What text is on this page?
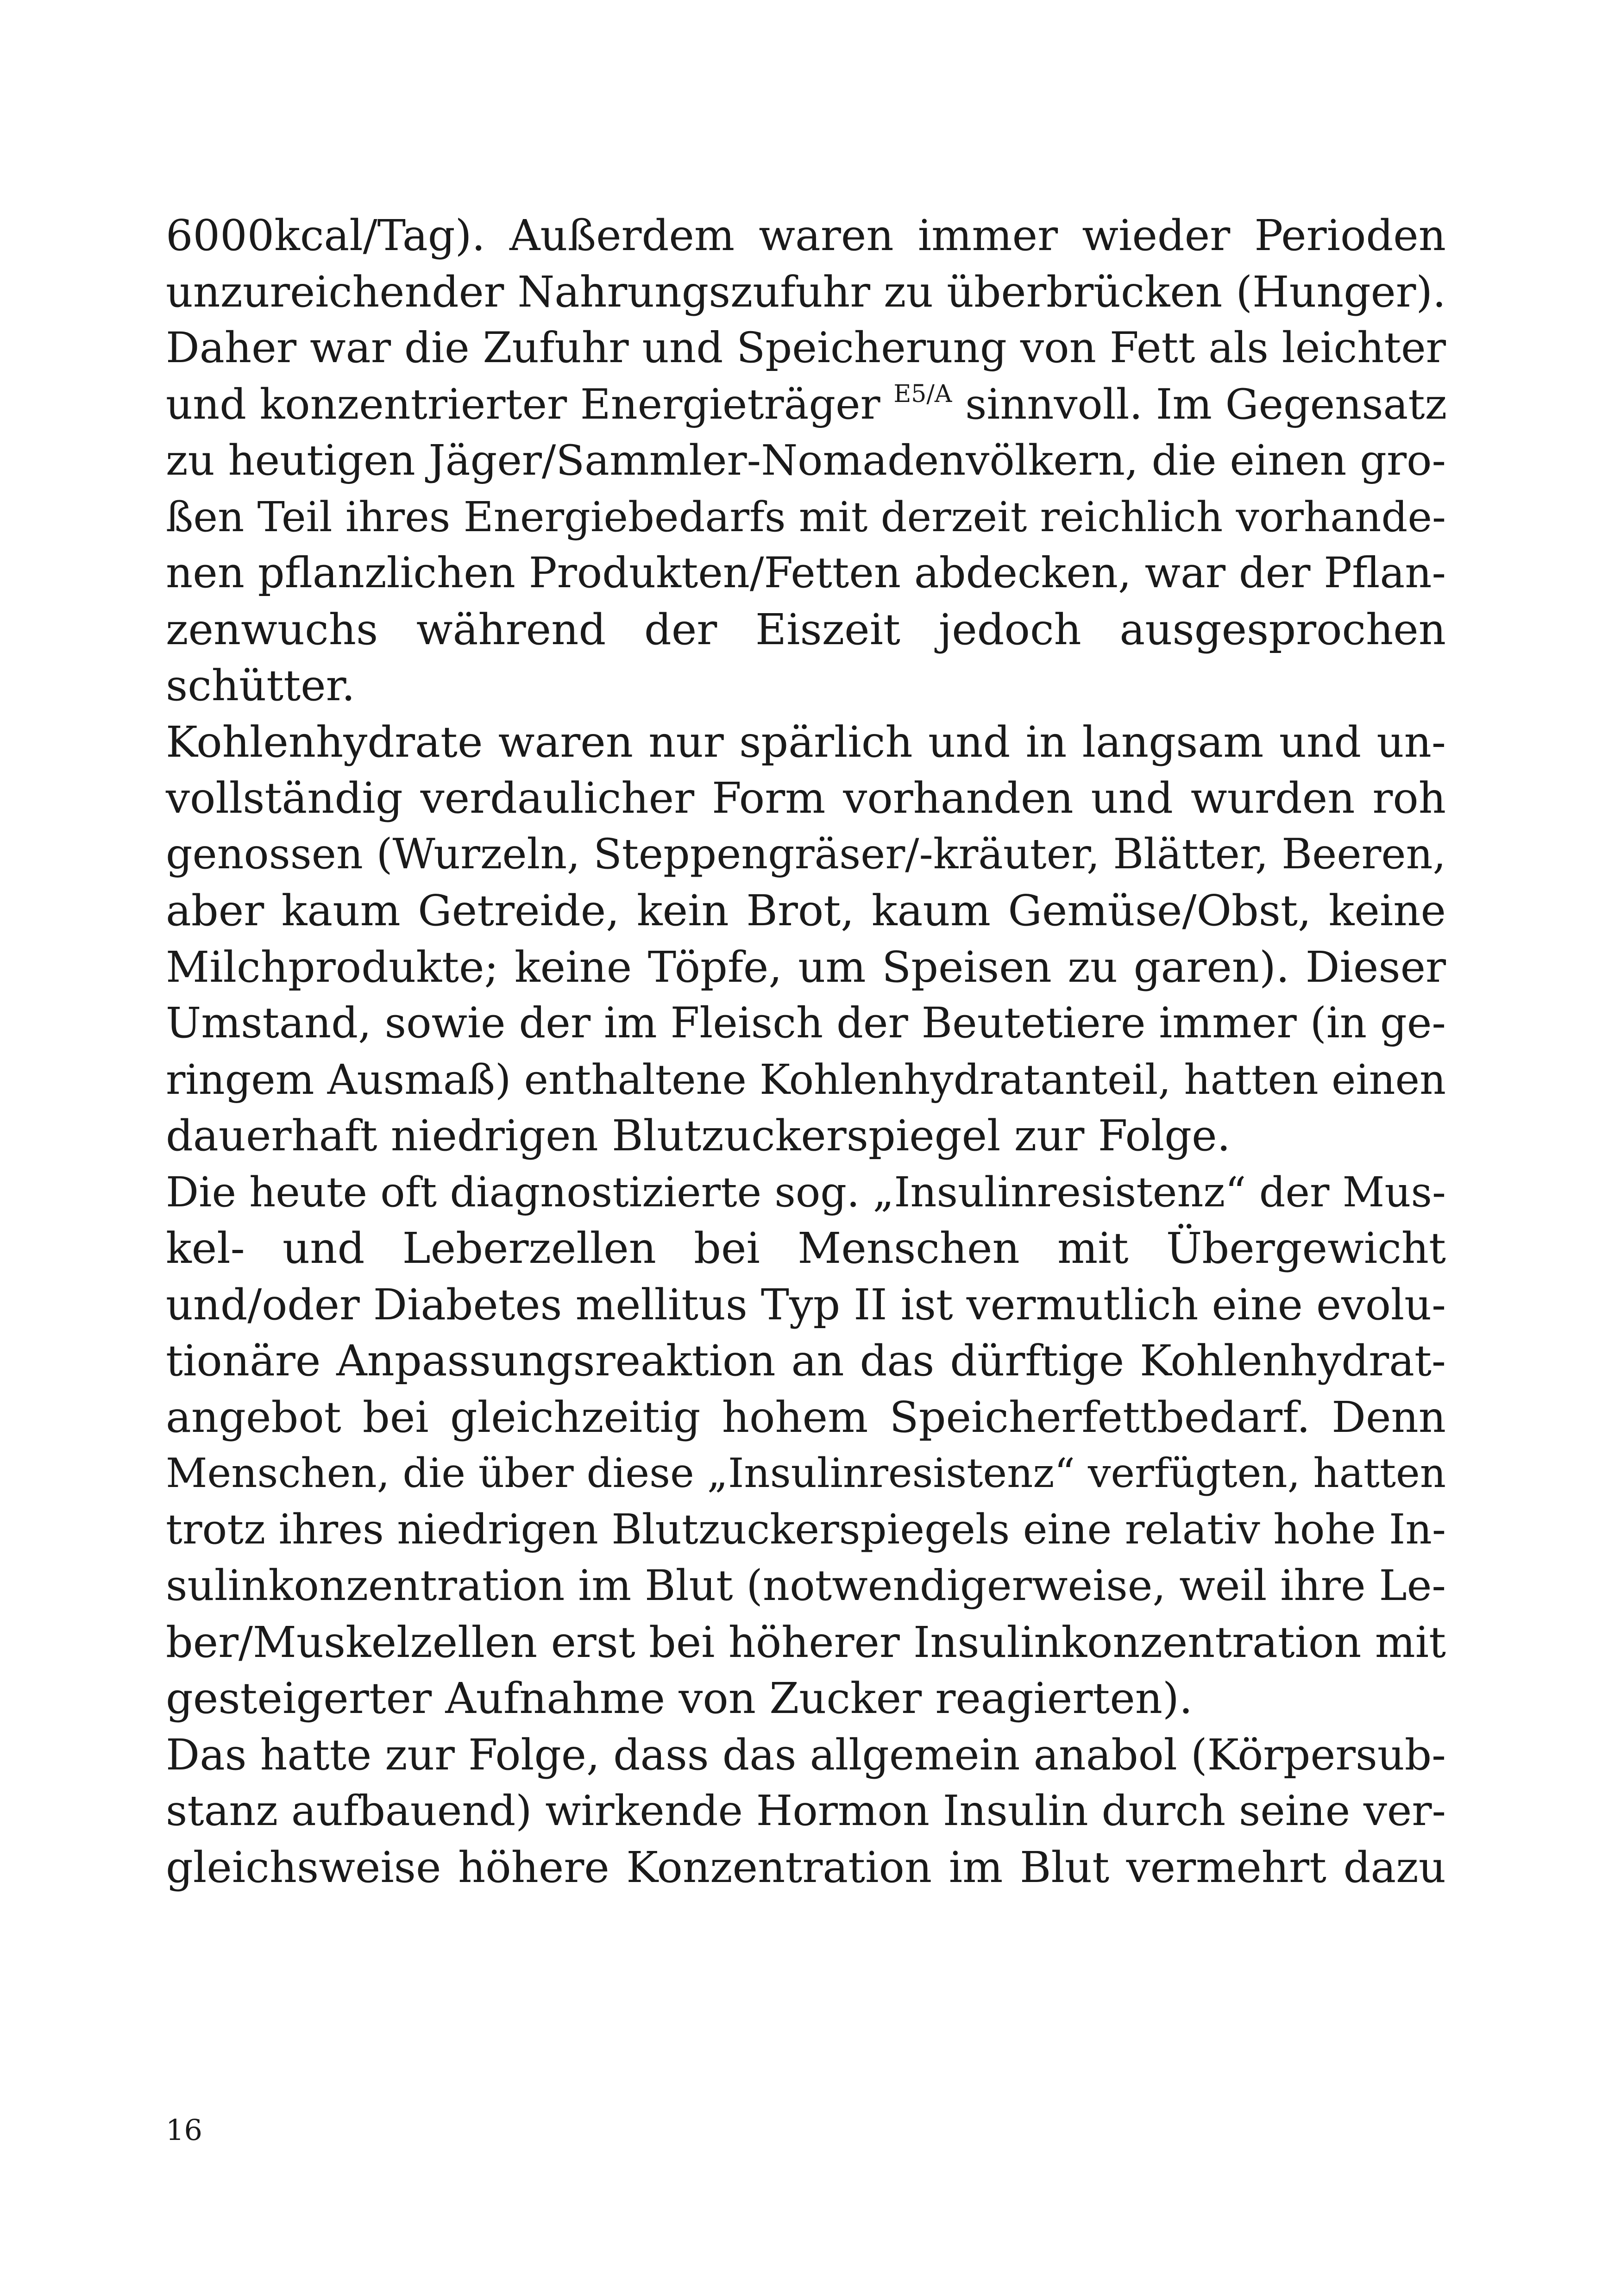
6000kcal/Tag). Außerdem waren immer wieder Perioden
unzureichender Nahrungszufuhr zu überbrücken (Hunger).
Daher war die Zufuhr und Speicherung von Fett als leichter
und konzentrierter Energieträger $^{E5/A}$ sinnvoll. Im Gegensatz
zu heutigen Jäger/Sammler-Nomadenvölkern, die einen gro-
ßen Teil ihres Energiebedarfs mit derzeit reichlich vorhande-
nen pflanzlichen Produkten/Fetten abdecken, war der Pflan-
zenwuchs während der Eiszeit jedoch ausgesprochen
schütter.
Kohlenhydrate waren nur spärlich und in langsam und un-
vollständig verdaulicher Form vorhanden und wurden roh
genossen (Wurzeln, Steppengräser/-kräuter, Blätter, Beeren,
aber kaum Getreide, kein Brot, kaum Gemüse/Obst, keine
Milchprodukte; keine Töpfe, um Speisen zu garen). Dieser
Umstand, sowie der im Fleisch der Beutetiere immer (in ge-
ringem Ausmaß) enthaltene Kohlenhydratanteil, hatten einen
dauerhaft niedrigen Blutzuckerspiegel zur Folge.
Die heute oft diagnostizierte sog. „Insulinresistenz“ der Mus-
kel- und Leberzellen bei Menschen mit Übergewicht
und/oder Diabetes mellitus Typ II ist vermutlich eine evolu-
tionäre Anpassungsreaktion an das dürftige Kohlenhydrat-
angebot bei gleichzeitig hohem Speicherfettbedarf. Denn
Menschen, die über diese „Insulinresistenz“ verfügten, hatten
trotz ihres niedrigen Blutzuckerspiegels eine relativ hohe In-
sulinkonzentration im Blut (notwendigerweise, weil ihre Le-
ber/Muskelzellen erst bei höherer Insulinkonzentration mit
gesteigerter Aufnahme von Zucker reagierten).
Das hatte zur Folge, dass das allgemein anabol (Körpersub-
stanz aufbauend) wirkende Hormon Insulin durch seine ver-
gleichsweise höhere Konzentration im Blut vermehrt dazu
16
